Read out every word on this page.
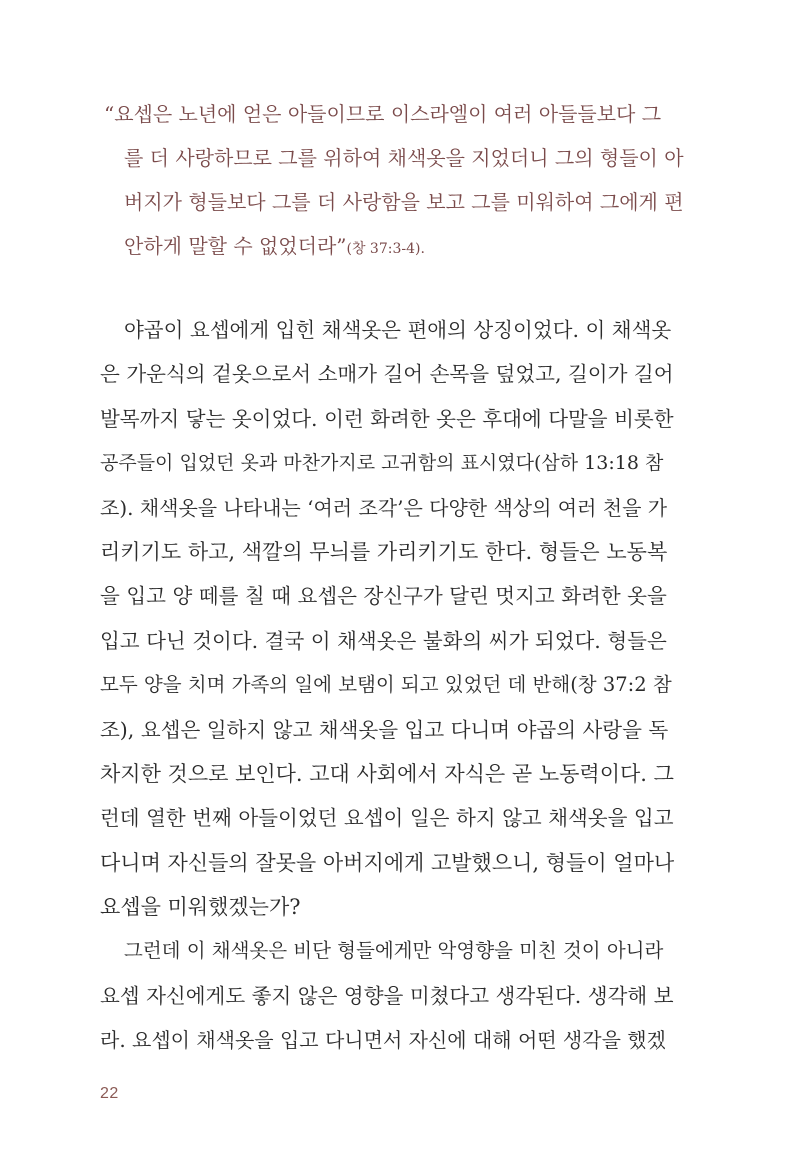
“요셉은 노년에 얻은 아들이므로 이스라엘이 여러 아들들보다 그
를 더 사랑하므로 그를 위하여 채색옷을 지었더니 그의 형들이 아
버지가 형들보다 그를 더 사랑함을 보고 그를 미워하여 그에게 편
안하게 말할 수 없었더라”(창 37:3-4).
야곱이 요셉에게 입힌 채색옷은 편애의 상징이었다. 이 채색옷
은 가운식의 겉옷으로서 소매가 길어 손목을 덮었고, 길이가 길어
발목까지 닿는 옷이었다. 이런 화려한 옷은 후대에 다말을 비롯한
공주들이 입었던 옷과 마찬가지로 고귀함의 표시였다(삼하 13:18 참
조). 채색옷을 나타내는 ‘여러 조각’은 다양한 색상의 여러 천을 가
리키기도 하고, 색깔의 무늬를 가리키기도 한다. 형들은 노동복
을 입고 양 떼를 칠 때 요셉은 장신구가 달린 멋지고 화려한 옷을
입고 다닌 것이다. 결국 이 채색옷은 불화의 씨가 되었다. 형들은
모두 양을 치며 가족의 일에 보탬이 되고 있었던 데 반해(창 37:2 참
조), 요셉은 일하지 않고 채색옷을 입고 다니며 야곱의 사랑을 독
차지한 것으로 보인다. 고대 사회에서 자식은 곧 노동력이다. 그
런데 열한 번째 아들이었던 요셉이 일은 하지 않고 채색옷을 입고
다니며 자신들의 잘못을 아버지에게 고발했으니, 형들이 얼마나
요셉을 미워했겠는가?
그런데 이 채색옷은 비단 형들에게만 악영향을 미친 것이 아니라
요셉 자신에게도 좋지 않은 영향을 미쳤다고 생각된다. 생각해 보
라. 요셉이 채색옷을 입고 다니면서 자신에 대해 어떤 생각을 했겠
22
